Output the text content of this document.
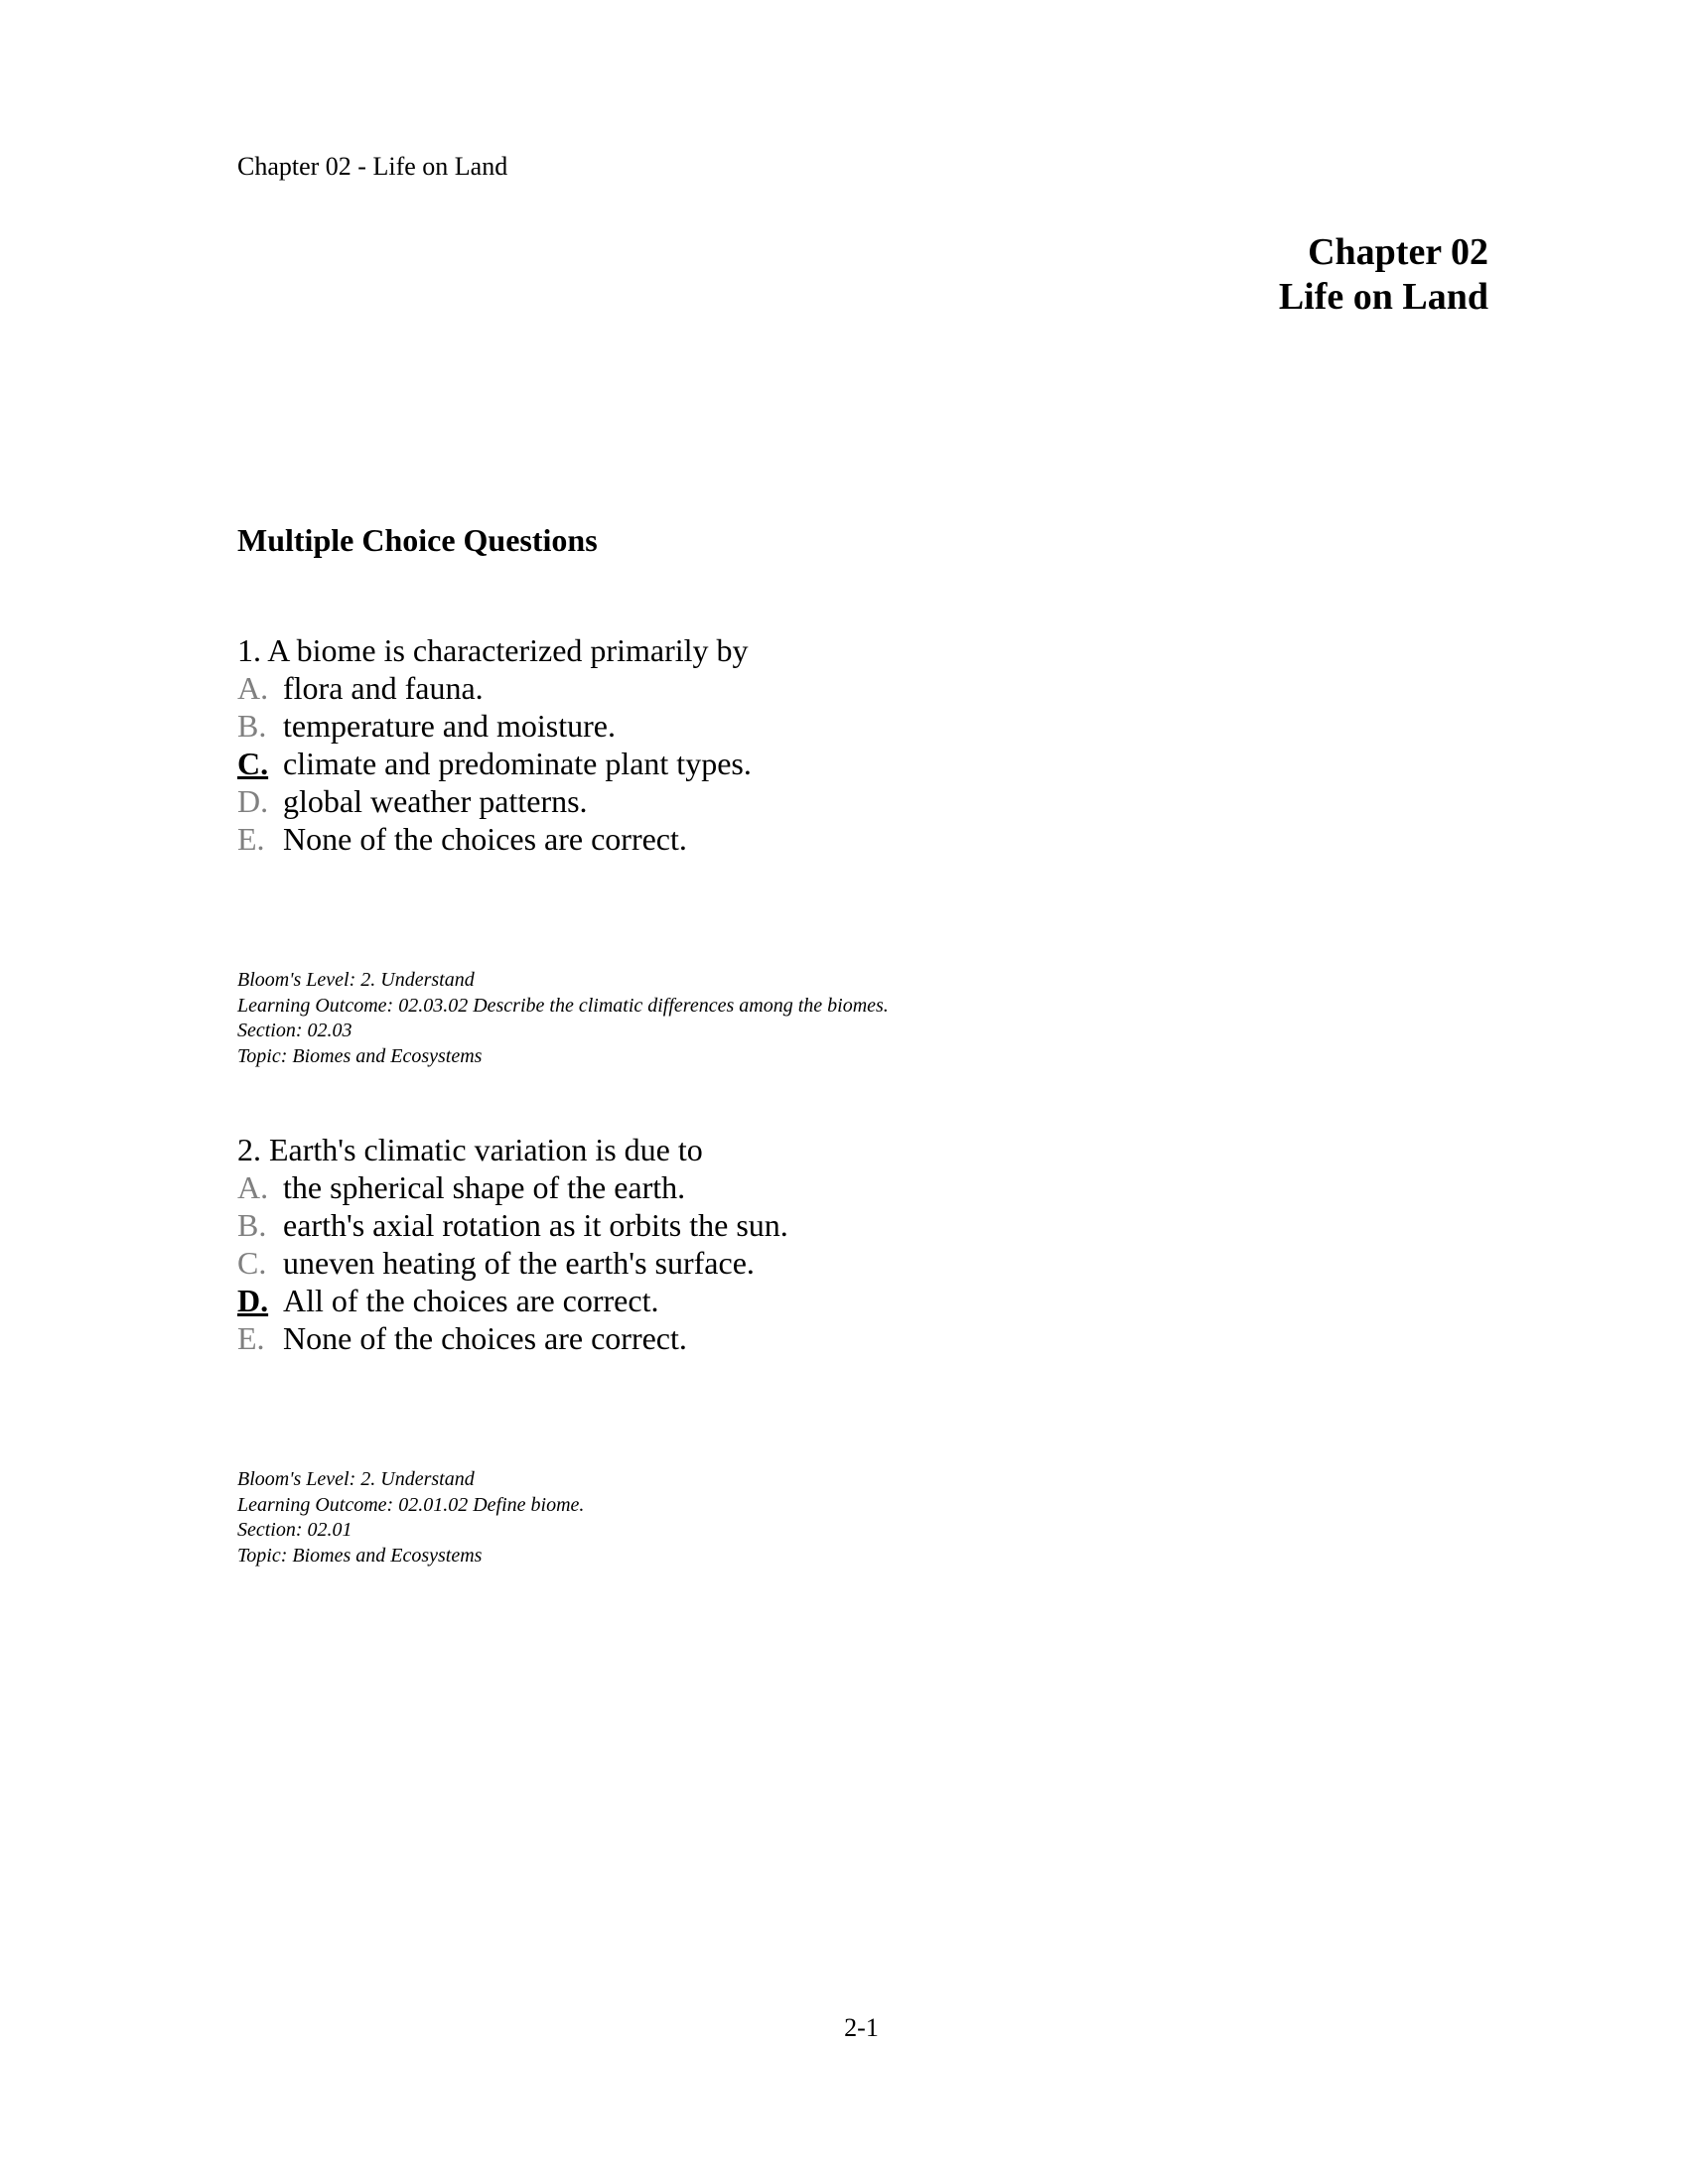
Chapter 02 - Life on Land
Chapter 02
Life on Land
Multiple Choice Questions
1. A biome is characterized primarily by
A. flora and fauna.
B. temperature and moisture.
C. climate and predominate plant types.
D. global weather patterns.
E. None of the choices are correct.
Bloom's Level: 2. Understand
Learning Outcome: 02.03.02 Describe the climatic differences among the biomes.
Section: 02.03
Topic: Biomes and Ecosystems
2. Earth's climatic variation is due to
A. the spherical shape of the earth.
B. earth's axial rotation as it orbits the sun.
C. uneven heating of the earth's surface.
D. All of the choices are correct.
E. None of the choices are correct.
Bloom's Level: 2. Understand
Learning Outcome: 02.01.02 Define biome.
Section: 02.01
Topic: Biomes and Ecosystems
2-1
